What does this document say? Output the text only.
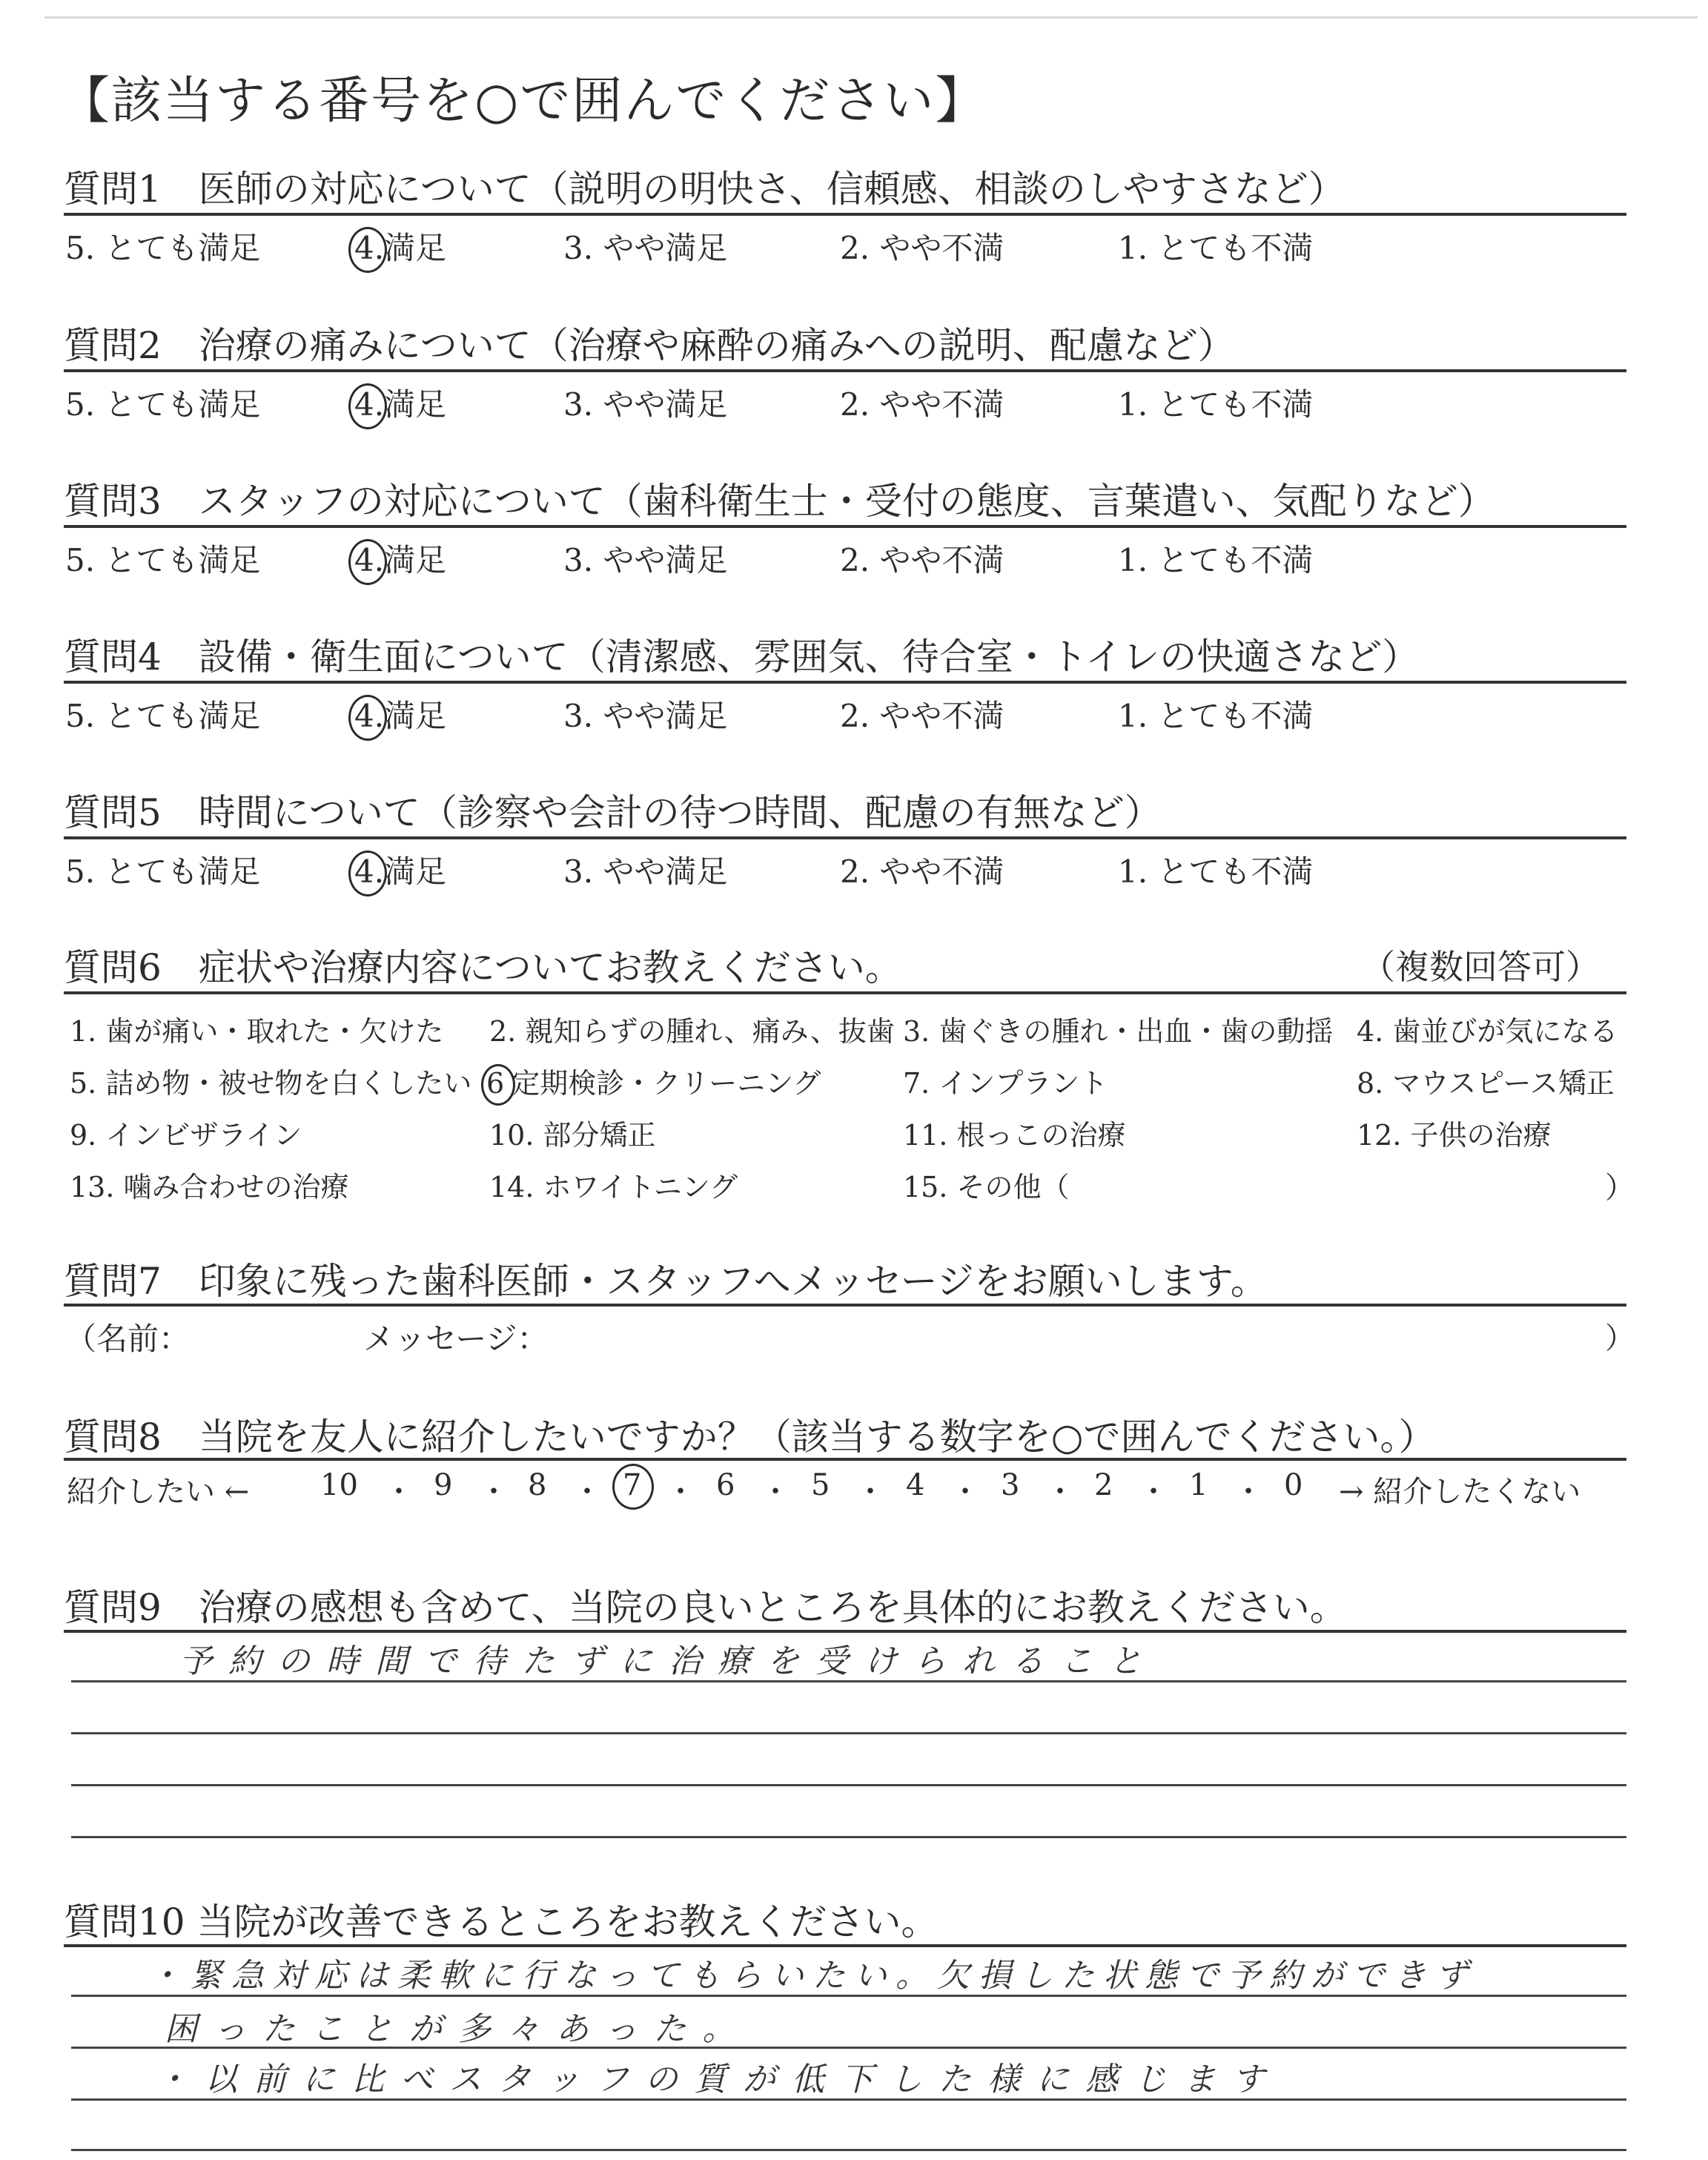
【該当する番号を○で囲んでください】
質問1　医師の対応について（説明の明快さ、信頼感、相談のしやすさなど）
5. とても満足	4.満足	3. やや満足	2. やや不満	1. とても不満
質問2　治療の痛みについて（治療や麻酔の痛みへの説明、配慮など）
5. とても満足	4.満足	3. やや満足	2. やや不満	1. とても不満
質問3　スタッフの対応について（歯科衛生士・受付の態度、言葉遣い、気配りなど）
5. とても満足	4.満足	3. やや満足	2. やや不満	1. とても不満
質問4　設備・衛生面について（清潔感、雰囲気、待合室・トイレの快適さなど）
5. とても満足	4.満足	3. やや満足	2. やや不満	1. とても不満
質問5　時間について（診察や会計の待つ時間、配慮の有無など）
5. とても満足	4.満足	3. やや満足	2. やや不満	1. とても不満
質問6　症状や治療内容についてお教えください。	（複数回答可）
1. 歯が痛い・取れた・欠けた 2. 親知らずの腫れ、痛み、抜歯 3. 歯ぐきの腫れ・出血・歯の動揺 4. 歯並びが気になる
5. 詰め物・被せ物を白くしたい 6 定期検診・クリーニング	7. インプラント	8. マウスピース矯正
9. インビザライン	10. 部分矯正	11. 根っこの治療	12. 子供の治療
13. 噛み合わせの治療	14. ホワイトニング	15. その他（	）
質問7　印象に残った歯科医師・スタッフへメッセージをお願いします。
（名前：	メッセージ：	）
質問8　当院を友人に紹介したいですか？（該当する数字を○で囲んでください。）
紹介したい ← 10 ・ 9 ・ 8 ・ 7 ・ 6 ・ 5 ・ 4 ・ 3 ・ 2 ・ 1 ・ 0 → 紹介したくない
質問9　治療の感想も含めて、当院の良いところを具体的にお教えください。
予約の時間で待たずに治療を受けられること
質問10 当院が改善できるところをお教えください。
・緊急対応は柔軟に行なってもらいたい。欠損した状態で予約ができず
困ったことが多々あった。
・以前に比べスタッフの質が低下した様に感じます
